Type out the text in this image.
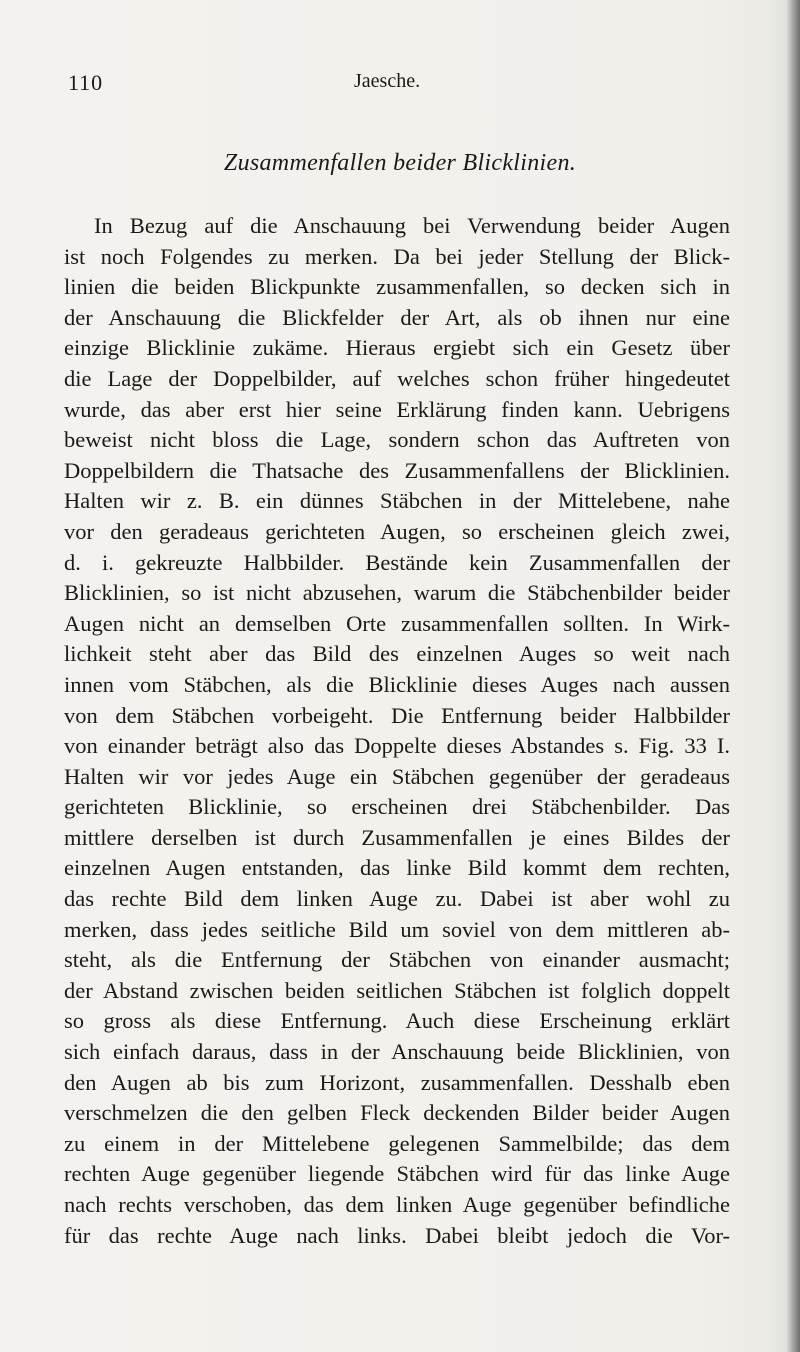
110	Jaesche.
Zusammenfallen beider Blicklinien.
In Bezug auf die Anschauung bei Verwendung beider Augen
ist noch Folgendes zu merken. Da bei jeder Stellung der Blick-
linien die beiden Blickpunkte zusammenfallen, so decken sich in
der Anschauung die Blickfelder der Art, als ob ihnen nur eine
einzige Blicklinie zukäme. Hieraus ergiebt sich ein Gesetz über
die Lage der Doppelbilder, auf welches schon früher hingedeutet
wurde, das aber erst hier seine Erklärung finden kann. Uebrigens
beweist nicht bloss die Lage, sondern schon das Auftreten von
Doppelbildern die Thatsache des Zusammenfallens der Blicklinien.
Halten wir z. B. ein dünnes Stäbchen in der Mittelebene, nahe
vor den geradeaus gerichteten Augen, so erscheinen gleich zwei,
d. i. gekreuzte Halbbilder. Bestände kein Zusammenfallen der
Blicklinien, so ist nicht abzusehen, warum die Stäbchenbilder beider
Augen nicht an demselben Orte zusammenfallen sollten. In Wirk-
lichkeit steht aber das Bild des einzelnen Auges so weit nach
innen vom Stäbchen, als die Blicklinie dieses Auges nach aussen
von dem Stäbchen vorbeigeht. Die Entfernung beider Halbbilder
von einander beträgt also das Doppelte dieses Abstandes s. Fig. 33 I.
Halten wir vor jedes Auge ein Stäbchen gegenüber der geradeaus
gerichteten Blicklinie, so erscheinen drei Stäbchenbilder. Das
mittlere derselben ist durch Zusammenfallen je eines Bildes der
einzelnen Augen entstanden, das linke Bild kommt dem rechten,
das rechte Bild dem linken Auge zu. Dabei ist aber wohl zu
merken, dass jedes seitliche Bild um soviel von dem mittleren ab-
steht, als die Entfernung der Stäbchen von einander ausmacht;
der Abstand zwischen beiden seitlichen Stäbchen ist folglich doppelt
so gross als diese Entfernung. Auch diese Erscheinung erklärt
sich einfach daraus, dass in der Anschauung beide Blicklinien, von
den Augen ab bis zum Horizont, zusammenfallen. Desshalb eben
verschmelzen die den gelben Fleck deckenden Bilder beider Augen
zu einem in der Mittelebene gelegenen Sammelbilde; das dem
rechten Auge gegenüber liegende Stäbchen wird für das linke Auge
nach rechts verschoben, das dem linken Auge gegenüber befindliche
für das rechte Auge nach links. Dabei bleibt jedoch die Vor-
